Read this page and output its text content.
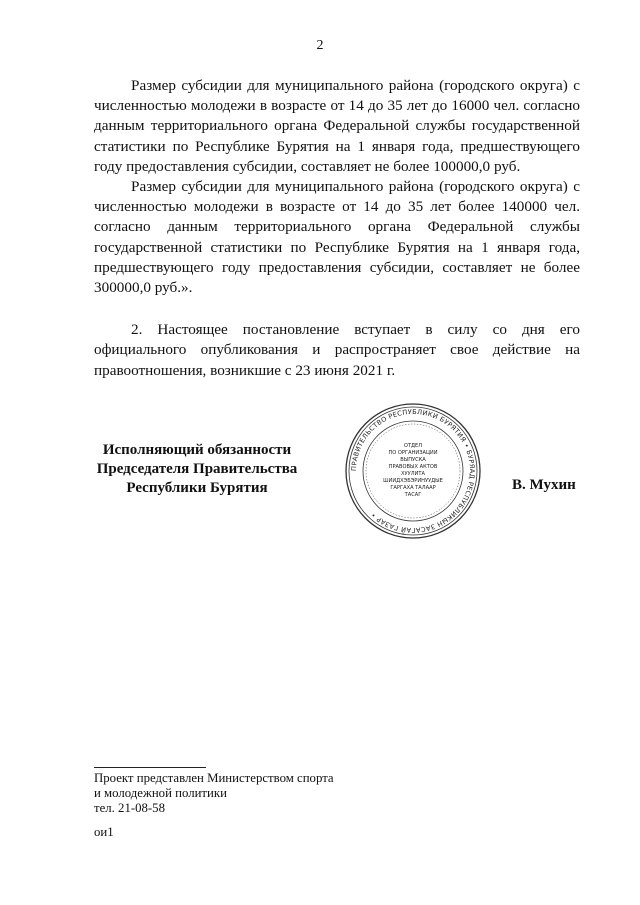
2

Размер субсидии для муниципального района (городского округа) с численностью молодежи в возрасте от 14 до 35 лет до 16000 чел. согласно данным территориального органа Федеральной службы государственной статистики по Республике Бурятия на 1 января года, предшествующего году предоставления субсидии, составляет не более 100000,0 руб.

Размер субсидии для муниципального района (городского округа) с численностью молодежи в возрасте от 14 до 35 лет более 140000 чел. согласно данным территориального органа Федеральной службы государственной статистики по Республике Бурятия на 1 января года, предшествующего году предоставления субсидии, составляет не более 300000,0 руб.».

2. Настоящее постановление вступает в силу со дня его официального опубликования и распространяет свое действие на правоотношения, возникшие с 23 июня 2021 г.

Исполняющий обязанности
Председателя Правительства
Республики Бурятия
ПРАВИТЕЛЬСТВО РЕСПУБЛИКИ БУРЯТИЯ • БУРЯАД РЕСПУБЛИКЫН ЗАСАГАЙ ГАЗАР •
ОТДЕЛ
ПО ОРГАНИЗАЦИИ
ВЫПУСКА
ПРАВОВЫХ АКТОВ
ХУУЛИТА
ШИИДХЭБЭРИНУУДЫЕ
ГАРГАХА ТАЛААР
ТАСАГ
В. Мухин
Проект представлен Министерством спорта
и молодежной политики
тел. 21-08-58
ои1
